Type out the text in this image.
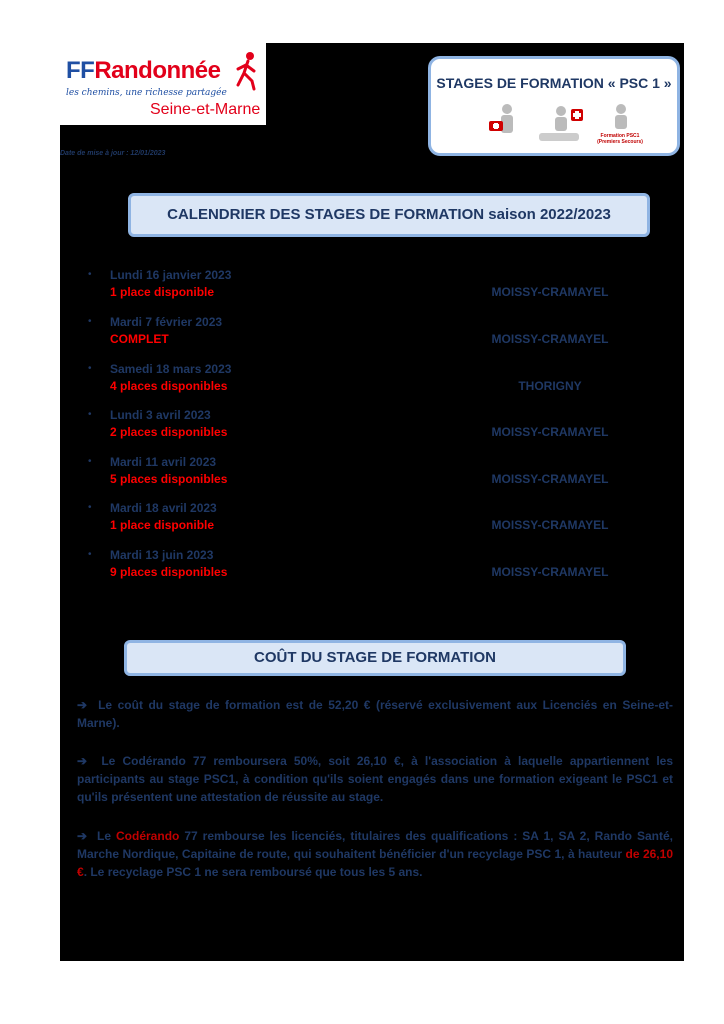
FFRandonnée
les chemins, une richesse partagée
Seine-et-Marne
STAGES DE FORMATION « PSC 1 »
Formation PSC1 (Premiers Secours)
Date de mise à jour : 12/01/2023
CALENDRIER DES STAGES DE FORMATION saison 2022/2023
• Lundi 16 janvier 2023
1 place disponible	MOISSY-CRAMAYEL
• Mardi 7 février 2023
COMPLET	MOISSY-CRAMAYEL
• Samedi 18 mars 2023
4 places disponibles	THORIGNY
• Lundi 3 avril 2023
2 places disponibles	MOISSY-CRAMAYEL
• Mardi 11 avril 2023
5 places disponibles	MOISSY-CRAMAYEL
• Mardi 18 avril 2023
1 place disponible	MOISSY-CRAMAYEL
• Mardi 13 juin 2023
9 places disponibles	MOISSY-CRAMAYEL
COÛT DU STAGE DE FORMATION
➔ Le coût du stage de formation est de 52,20 € (réservé exclusivement aux Licenciés en Seine-et-Marne).
➔ Le Codérando 77 remboursera 50%, soit 26,10 €, à l'association à laquelle appartiennent les participants au stage PSC1, à condition qu'ils soient engagés dans une formation exigeant le PSC1 et qu'ils présentent une attestation de réussite au stage.
➔ Le Codérando 77 rembourse les licenciés, titulaires des qualifications : SA 1, SA 2, Rando Santé, Marche Nordique, Capitaine de route, qui souhaitent bénéficier d'un recyclage PSC 1, à hauteur de 26,10 €. Le recyclage PSC 1 ne sera remboursé que tous les 5 ans.
